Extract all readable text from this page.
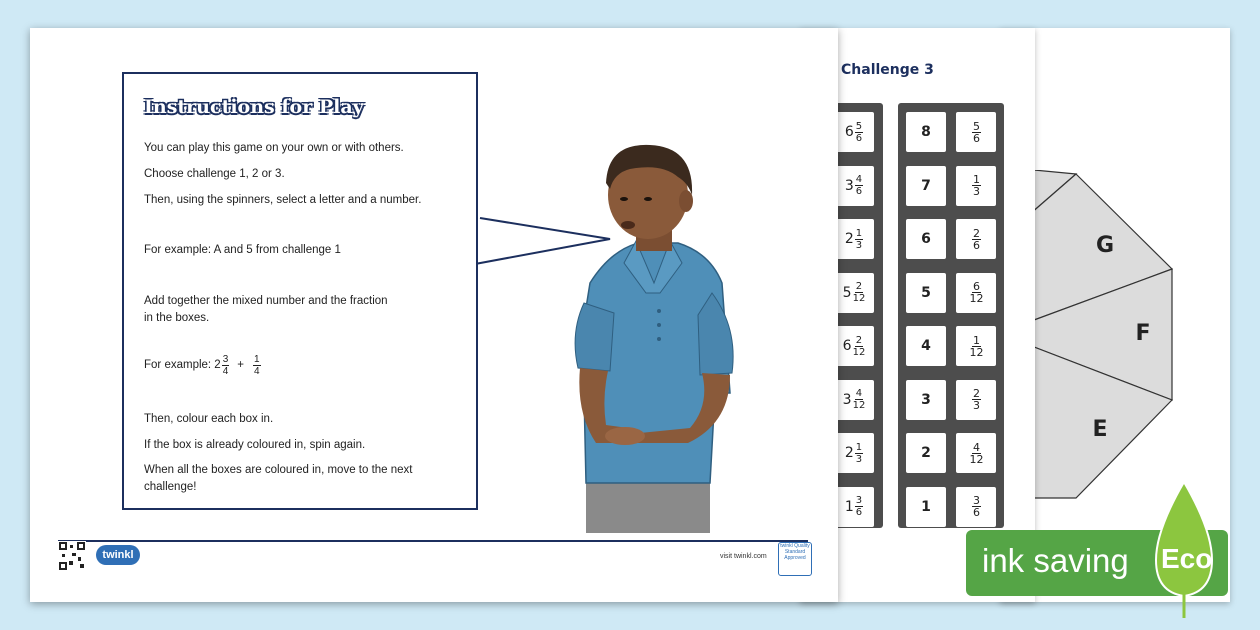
G
F
E
Challenge 3
$6 \frac{5}{6}$
$3 \frac{4}{6}$
$2 \frac{1}{3}$
$5 \frac{2}{12}$
$6 \frac{2}{12}$
$3 \frac{4}{12}$
$2 \frac{1}{3}$
$1 \frac{3}{6}$
8
7
6
5
4
3
2
1
$\frac{5}{6}$
$\frac{1}{3}$
$\frac{2}{6}$
$\frac{6}{12}$
$\frac{1}{12}$
$\frac{2}{3}$
$\frac{4}{12}$
$\frac{3}{6}$
Instructions for Play
You can play this game on your own or with others.
Choose challenge 1, 2 or 3.
Then, using the spinners, select a letter and a number.
For example: A and 5 from challenge 1
Add together the mixed number and the fraction
in the boxes.
For example: $2 \frac{3}{4} + \frac{1}{4}$
Then, colour each box in.
If the box is already coloured in, spin again.
When all the boxes are coloured in, move to the next
challenge!
twinkl	visit twinkl.com
twinkl Quality Standard Approved	ink saving Eco
